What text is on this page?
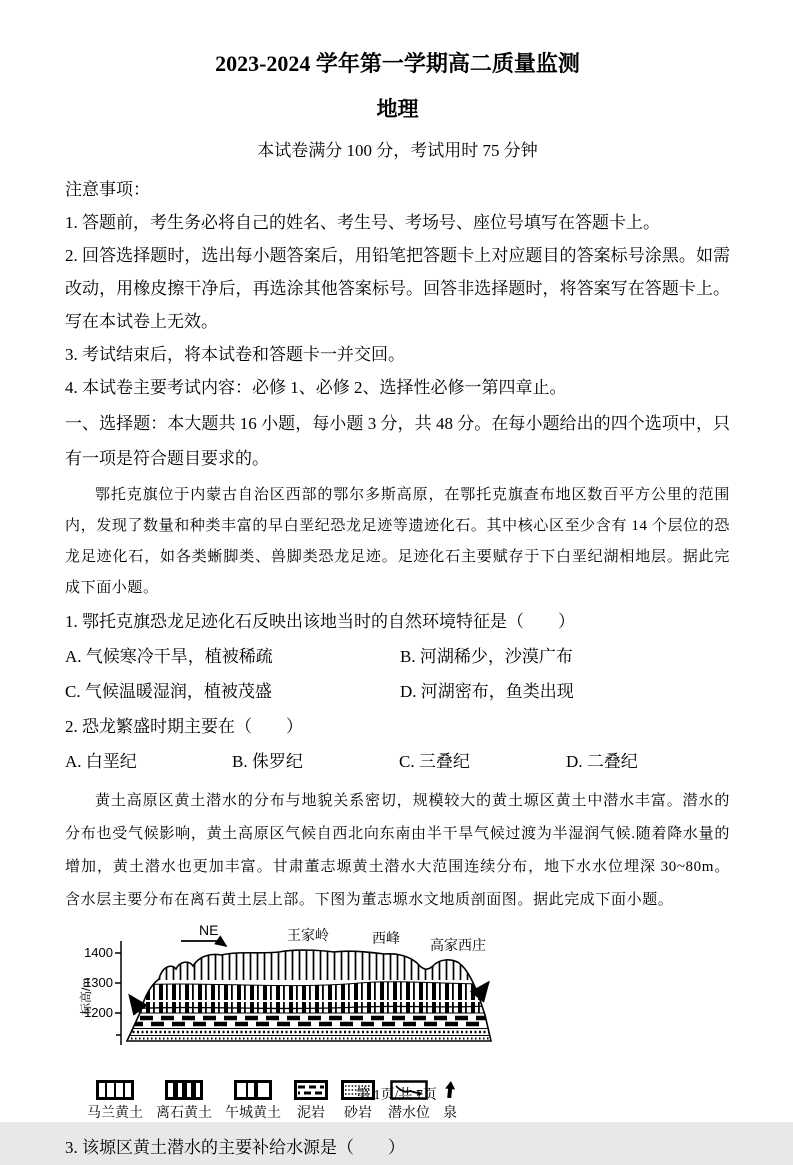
2023-2024 学年第一学期高二质量监测

地理

本试卷满分 100 分，考试用时 75 分钟

注意事项：

1. 答题前，考生务必将自己的姓名、考生号、考场号、座位号填写在答题卡上。

2. 回答选择题时，选出每小题答案后，用铅笔把答题卡上对应题目的答案标号涂黑。如需改动，用橡皮擦干净后，再选涂其他答案标号。回答非选择题时，将答案写在答题卡上。写在本试卷上无效。

3. 考试结束后，将本试卷和答题卡一并交回。

4. 本试卷主要考试内容：必修 1、必修 2、选择性必修一第四章止。

一、选择题：本大题共 16 小题，每小题 3 分，共 48 分。在每小题给出的四个选项中，只有一项是符合题目要求的。

鄂托克旗位于内蒙古自治区西部的鄂尔多斯高原，在鄂托克旗查布地区数百平方公里的范围内，发现了数量和种类丰富的早白垩纪恐龙足迹等遗迹化石。其中核心区至少含有 14 个层位的恐龙足迹化石，如各类蜥脚类、兽脚类恐龙足迹。足迹化石主要赋存于下白垩纪湖相地层。据此完成下面小题。

1. 鄂托克旗恐龙足迹化石反映出该地当时的自然环境特征是（　　）

A. 气候寒冷干旱，植被稀疏	B. 河湖稀少，沙漠广布
C. 气候温暖湿润，植被茂盛	D. 河湖密布，鱼类出现

2. 恐龙繁盛时期主要在（　　）

A. 白垩纪	B. 侏罗纪	C. 三叠纪	D. 二叠纪

黄土高原区黄土潜水的分布与地貌关系密切，规模较大的黄土塬区黄土中潜水丰富。潜水的分布也受气候影响，黄土高原区气候自西北向东南由半干旱气候过渡为半湿润气候.随着降水量的增加，黄土潜水也更加丰富。甘肃董志塬黄土潜水大范围连续分布，地下水水位埋深 30~80m。含水层主要分布在离石黄土层上部。下图为董志塬水文地质剖面图。据此完成下面小题。

1400
1300
1200
标高/m
NE	王家岭	西峰 高家西庄
马兰黄土 离石黄土 午城黄土 泥岩 砂岩 潜水位 泉

3. 该塬区黄土潜水的主要补给水源是（　　）

第 1页/共 7页
